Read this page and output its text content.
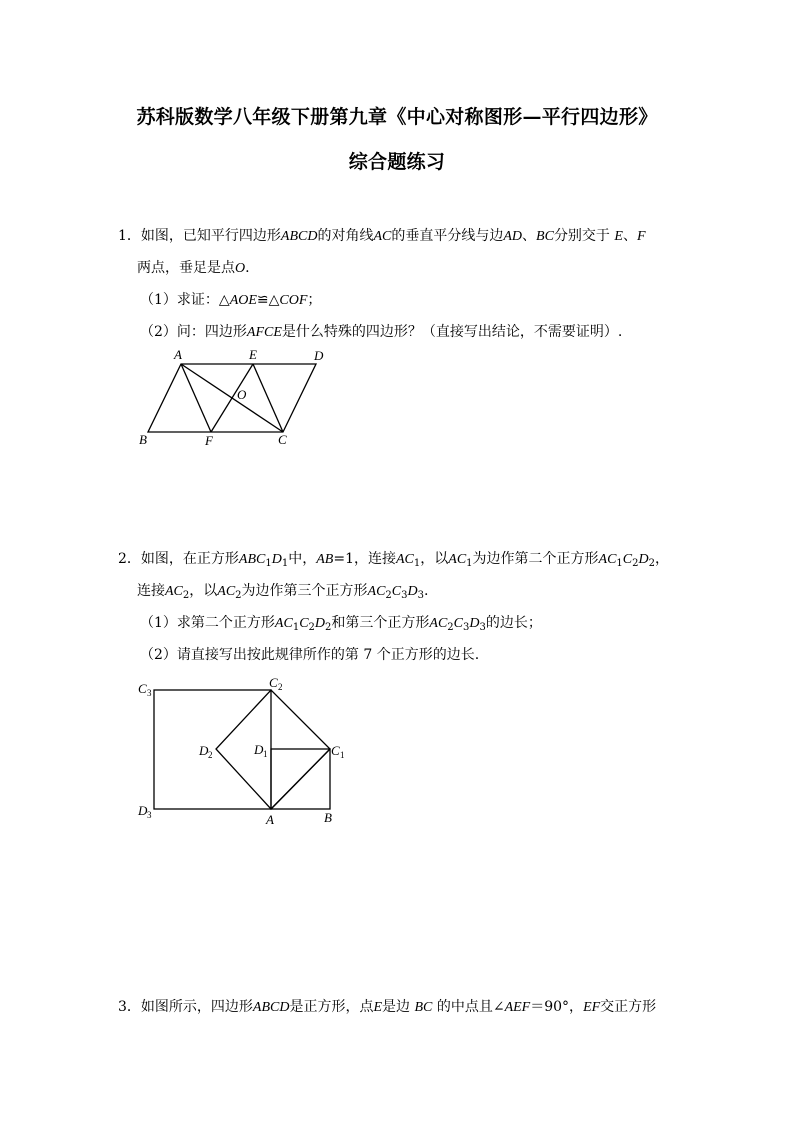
苏科版数学八年级下册第九章《中心对称图形—平行四边形》
综合题练习
1．如图，已知平行四边形ABCD的对角线AC的垂直平分线与边AD、BC分别交于 E、F
两点，垂足是点O.
（1）求证：△AOE≌△COF；
（2）问：四边形AFCE是什么特殊的四边形？（直接写出结论，不需要证明）.
A	E	D
O
B	F	C
2．如图，在正方形$ABC_1D_1$中，AB=1，连接$AC_1$，以$AC_1$为边作第二个正方形$AC_1C_2D_2$，
连接$AC_2$，以$AC_2$为边作第三个正方形$AC_2C_3D_3$.
（1）求第二个正方形$AC_1C_2D_2$和第三个正方形$AC_2C_3D_3$的边长；
（2）请直接写出按此规律所作的第 7 个正方形的边长.
C 3
C 2
D 2	D 1	C 1
D 3	A	B
3．如图所示，四边形ABCD是正方形，点E是边 BC 的中点且∠AEF＝90°，EF交正方形
